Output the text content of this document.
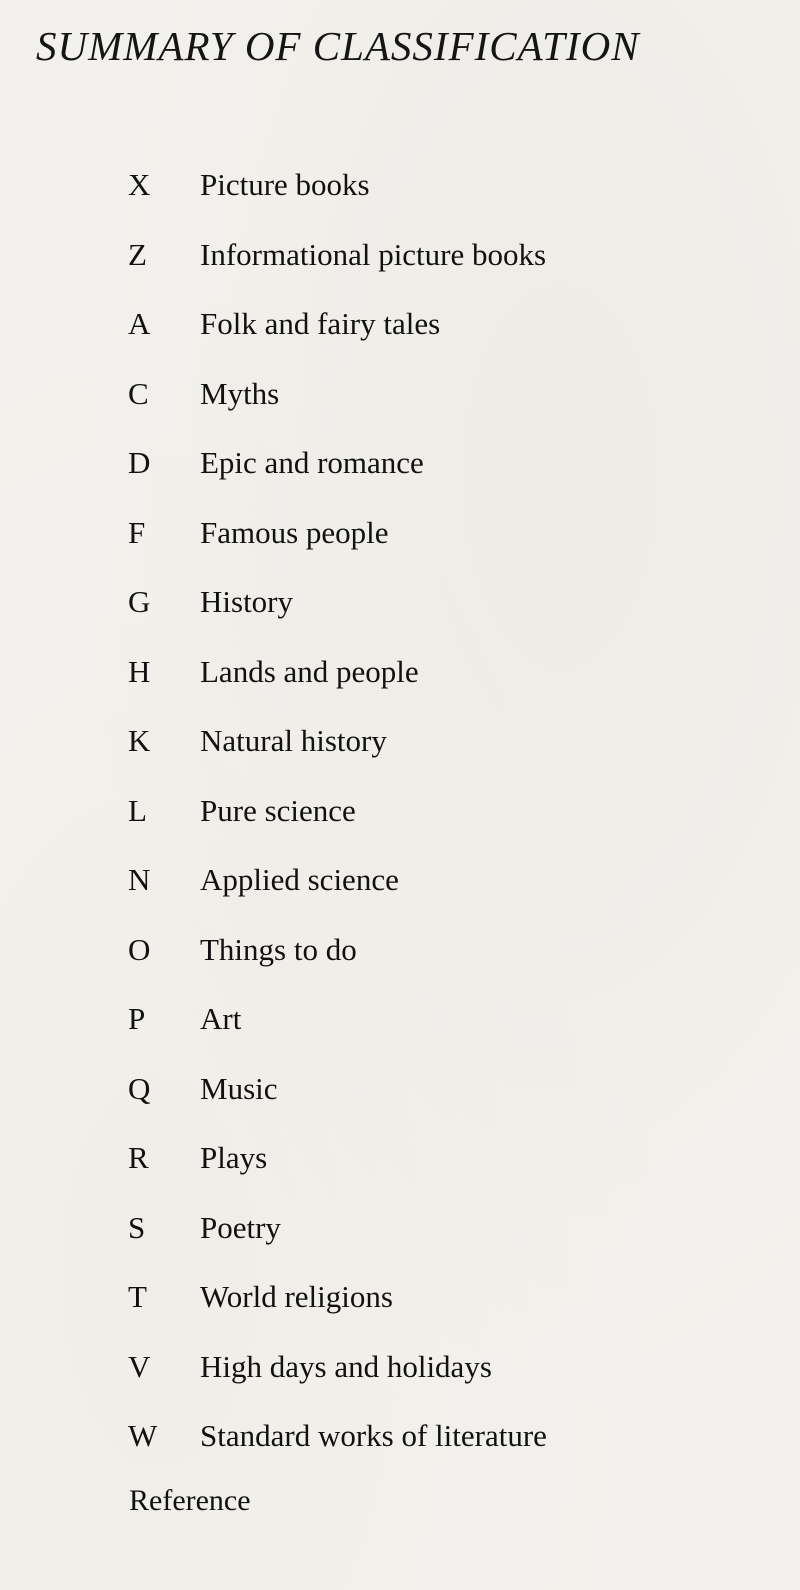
SUMMARY OF CLASSIFICATION
X	Picture books
Z	Informational picture books
A	Folk and fairy tales
C	Myths
D	Epic and romance
F	Famous people
G	History
H	Lands and people
K	Natural history
L	Pure science
N	Applied science
O	Things to do
P	Art
Q	Music
R	Plays
S	Poetry
T	World religions
V	High days and holidays
W	Standard works of literature
Reference
